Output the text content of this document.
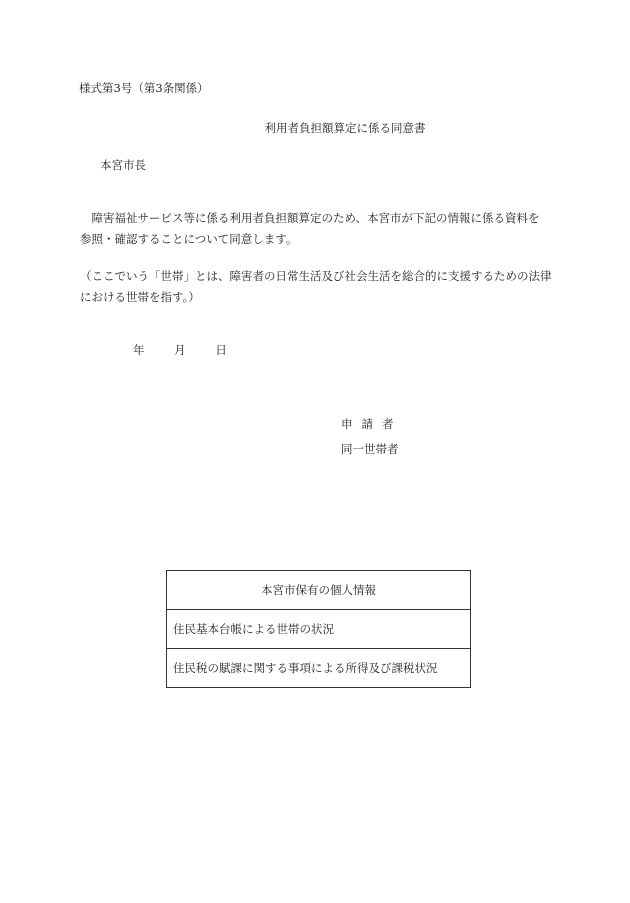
様式第3号（第3条関係）
利用者負担額算定に係る同意書
本宮市長
　障害福祉サービス等に係る利用者負担額算定のため、本宮市が下記の情報に係る資料を
参照・確認することについて同意します。
（ここでいう「世帯」とは、障害者の日常生活及び社会生活を総合的に支援するための法律
における世帯を指す。）
年	月	日
申請者
同一世帯者
本宮市保有の個人情報
住民基本台帳による世帯の状況
住民税の賦課に関する事項による所得及び課税状況
